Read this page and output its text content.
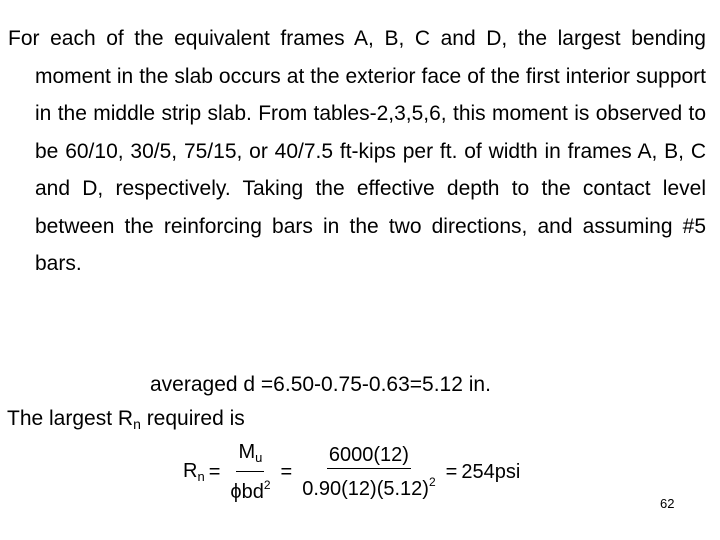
For each of the equivalent frames A, B, C and D, the largest bending moment in the slab occurs at the exterior face of the first interior support in the middle strip slab. From tables-2,3,5,6, this moment is observed to be 60/10, 30/5, 75/15, or 40/7.5 ft-kips per ft. of width in frames A, B, C and D, respectively. Taking the effective depth to the contact level between the reinforcing bars in the two directions, and assuming #5 bars.
averaged d =6.50-0.75-0.63=5.12 in.
The largest $R_n$ required is
$R_n = \frac{M_u}{\phi bd^2} = \frac{6000(12)}{0.90(12)(5.12)^2} = 254psi$
62
